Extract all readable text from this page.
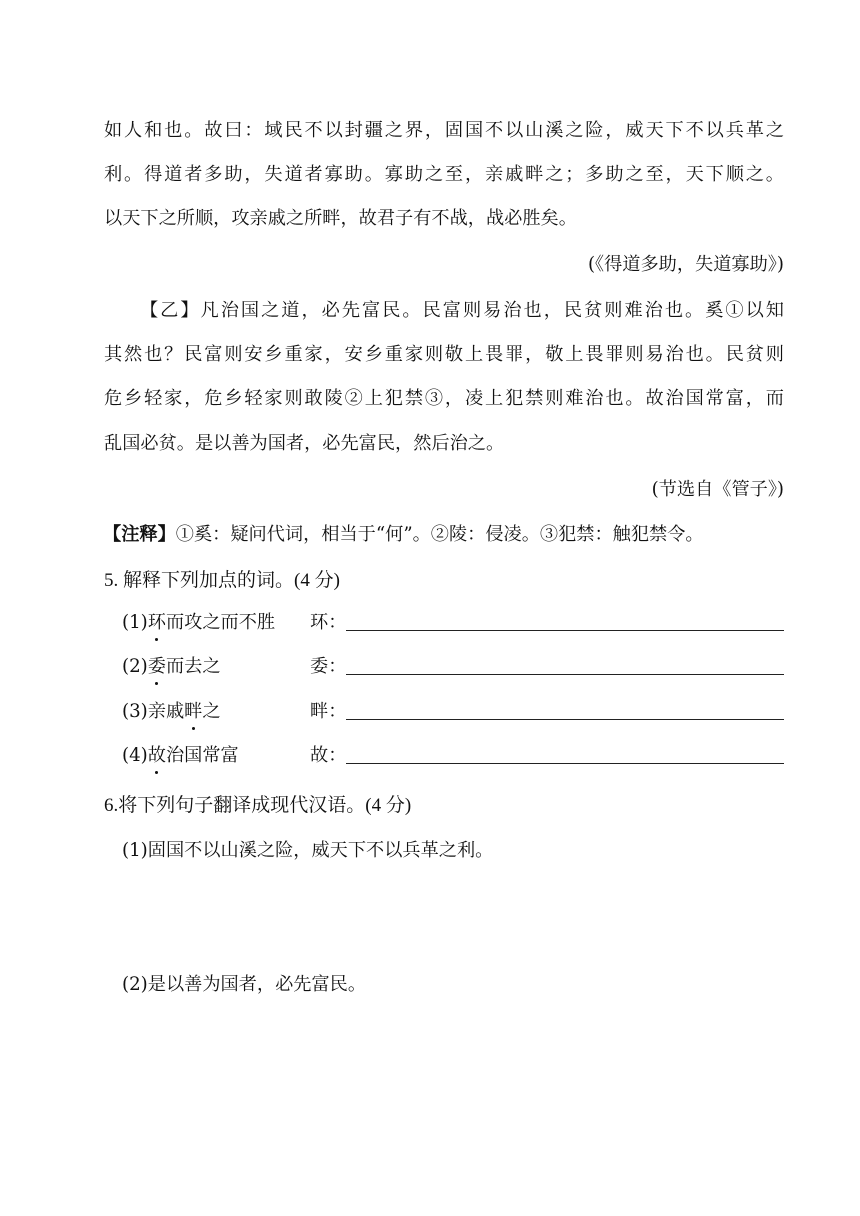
如人和也。故曰：域民不以封疆之界，固国不以山溪之险，威天下不以兵革之
利。得道者多助，失道者寡助。寡助之至，亲戚畔之；多助之至，天下顺之。
以天下之所顺，攻亲戚之所畔，故君子有不战，战必胜矣。
(《得道多助，失道寡助》)
【乙】凡治国之道，必先富民。民富则易治也，民贫则难治也。奚①以知
其然也？民富则安乡重家，安乡重家则敬上畏罪，敬上畏罪则易治也。民贫则
危乡轻家，危乡轻家则敢陵②上犯禁③，凌上犯禁则难治也。故治国常富，而
乱国必贫。是以善为国者，必先富民，然后治之。
(节选自《管子》)
【注释】①奚：疑问代词，相当于“何”。②陵：侵凌。③犯禁：触犯禁令。
5. 解释下列加点的词。(4 分)
(1)环而攻之而不胜 环：
(2)委而去之	委：
(3)亲戚畔之	畔：
(4)故治国常富	故：
6.将下列句子翻译成现代汉语。(4 分)
(1)固国不以山溪之险，威天下不以兵革之利。
(2)是以善为国者，必先富民。
